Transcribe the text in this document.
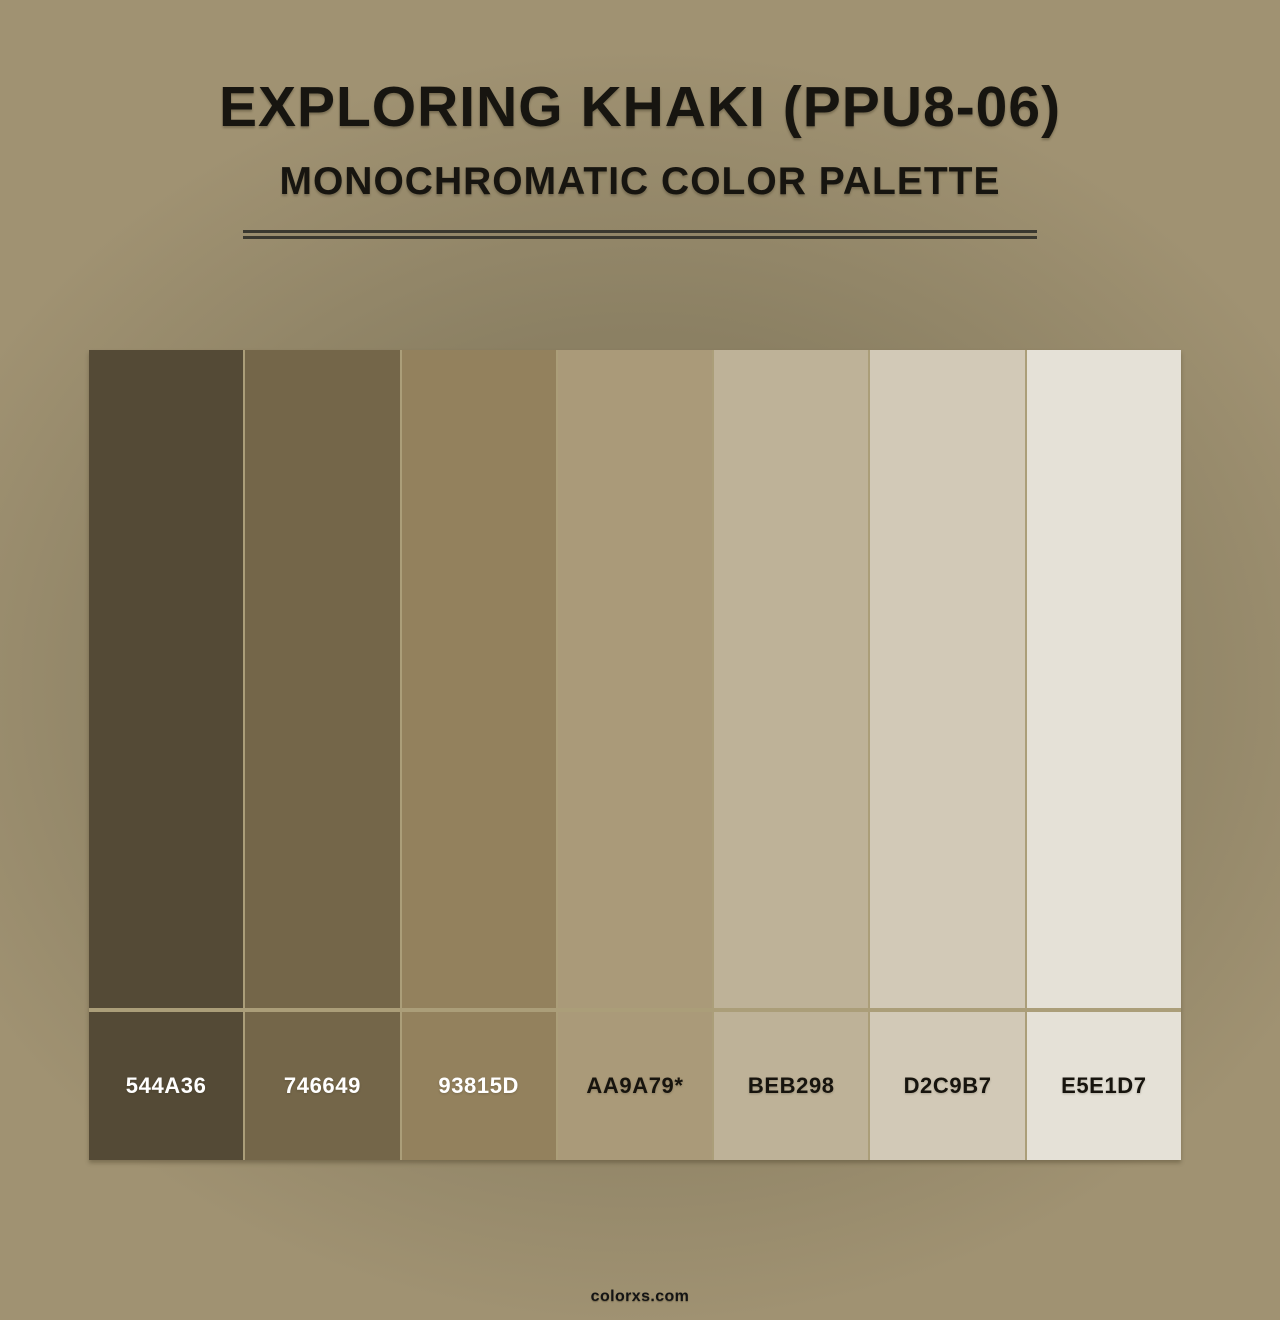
EXPLORING KHAKI (PPU8-06)
MONOCHROMATIC COLOR PALETTE
544A36	746649	93815D	AA9A79*	BEB298	D2C9B7	E5E1D7
colorxs.com
